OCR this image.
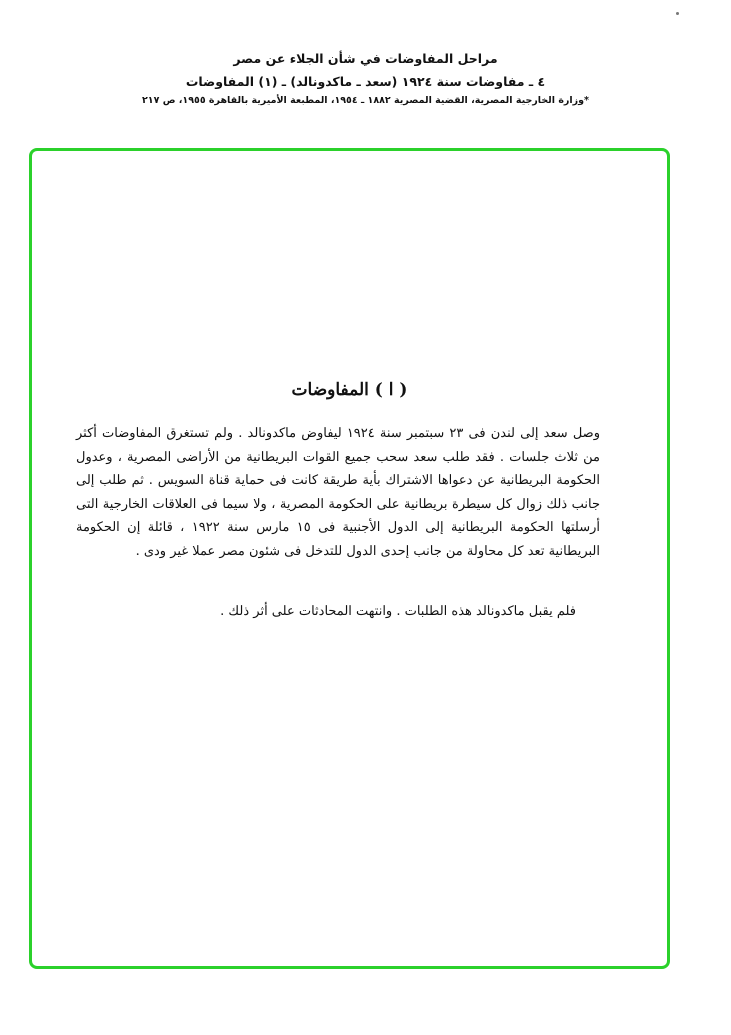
مراحل المفاوضات في شأن الجلاء عن مصر

٤ ـ مفاوضات سنة ١٩٢٤ (سعد ـ ماكدونالد) ـ (١) المفاوضات

*وزارة الخارجية المصرية، القضية المصرية ١٨٨٢ ـ ١٩٥٤، المطبعة الأميرية بالقاهرة ١٩٥٥، ص ٢١٧

( ا ) المفاوضات

وصل سعد إلى لندن فى ٢٣ سبتمبر سنة ١٩٢٤ ليفاوض ماكدونالد . ولم تستغرق المفاوضات أكثر من ثلاث جلسات . فقد طلب سعد سحب جميع القوات البريطانية من الأراضى المصرية ، وعدول الحكومة البريطانية عن دعواها الاشتراك بأية طريقة كانت فى حماية قناة السويس . ثم طلب إلى جانب ذلك زوال كل سيطرة بريطانية على الحكومة المصرية ، ولا سيما فى العلاقات الخارجية التى أرسلتها الحكومة البريطانية إلى الدول الأجنبية فى ١٥ مارس سنة ١٩٢٢ ، قائلة إن الحكومة البريطانية تعد كل محاولة من جانب إحدى الدول للتدخل فى شئون مصر عملا غير ودى .

فلم يقبل ماكدونالد هذه الطلبات . وانتهت المحادثات على أثر ذلك .
